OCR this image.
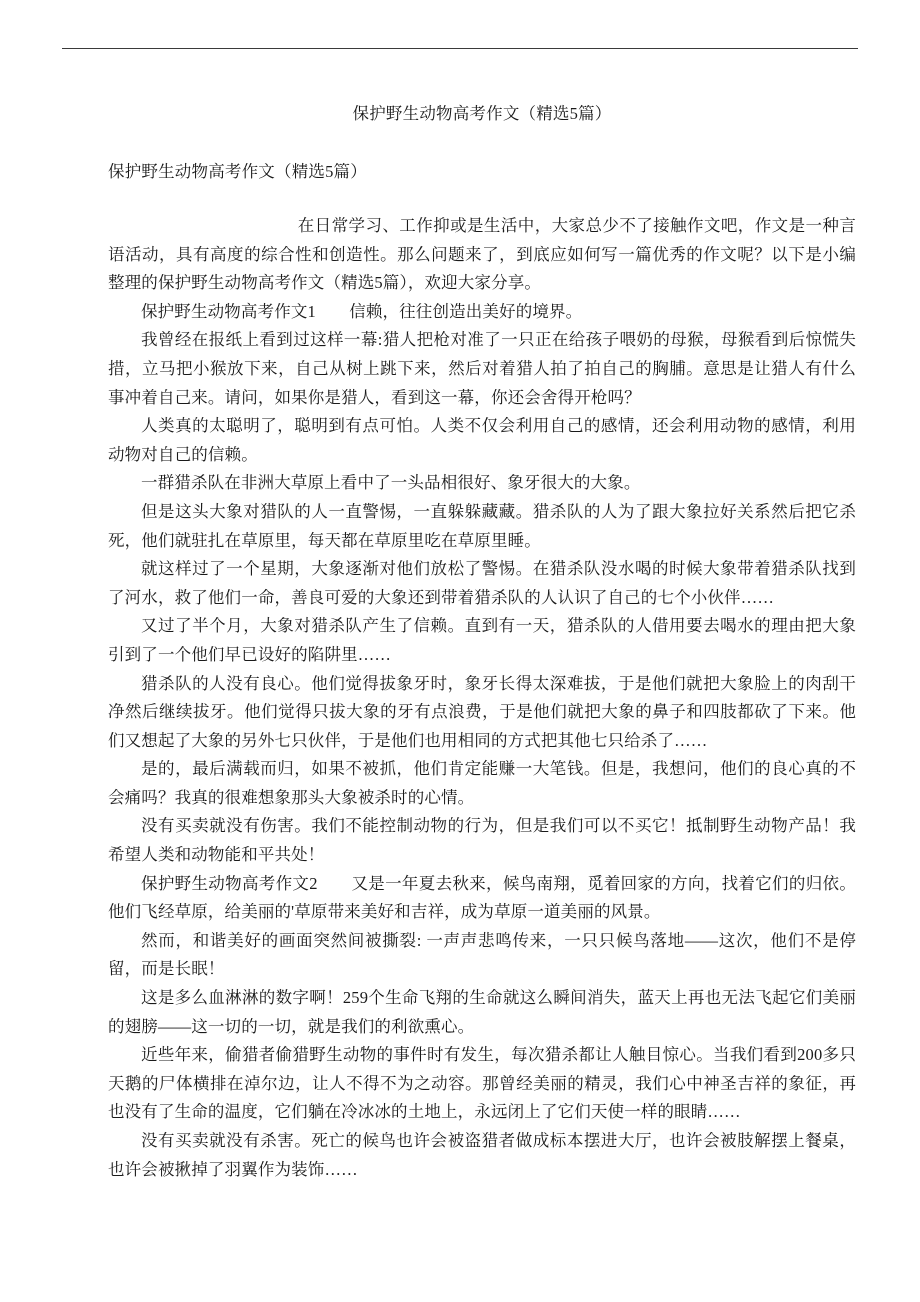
保护野生动物高考作文（精选5篇）
保护野生动物高考作文（精选5篇）

在日常学习、工作抑或是生活中，大家总少不了接触作文吧，作文是一种言语活动，具有高度的综合性和创造性。那么问题来了，到底应如何写一篇优秀的作文呢？以下是小编整理的保护野生动物高考作文（精选5篇），欢迎大家分享。

保护野生动物高考作文1　　信赖，往往创造出美好的境界。

我曾经在报纸上看到过这样一幕:猎人把枪对准了一只正在给孩子喂奶的母猴，母猴看到后惊慌失措，立马把小猴放下来，自己从树上跳下来，然后对着猎人拍了拍自己的胸脯。意思是让猎人有什么事冲着自己来。请问，如果你是猎人，看到这一幕，你还会舍得开枪吗？

人类真的太聪明了，聪明到有点可怕。人类不仅会利用自己的感情，还会利用动物的感情，利用动物对自己的信赖。

一群猎杀队在非洲大草原上看中了一头品相很好、象牙很大的大象。

但是这头大象对猎队的人一直警惕，一直躲躲藏藏。猎杀队的人为了跟大象拉好关系然后把它杀死，他们就驻扎在草原里，每天都在草原里吃在草原里睡。

就这样过了一个星期，大象逐渐对他们放松了警惕。在猎杀队没水喝的时候大象带着猎杀队找到了河水，救了他们一命，善良可爱的大象还到带着猎杀队的人认识了自己的七个小伙伴……

又过了半个月，大象对猎杀队产生了信赖。直到有一天，猎杀队的人借用要去喝水的理由把大象引到了一个他们早已设好的陷阱里……

猎杀队的人没有良心。他们觉得拔象牙时，象牙长得太深难拔，于是他们就把大象脸上的肉刮干净然后继续拔牙。他们觉得只拔大象的牙有点浪费，于是他们就把大象的鼻子和四肢都砍了下来。他们又想起了大象的另外七只伙伴，于是他们也用相同的方式把其他七只给杀了……

是的，最后满载而归，如果不被抓，他们肯定能赚一大笔钱。但是，我想问，他们的良心真的不会痛吗？我真的很难想象那头大象被杀时的心情。

没有买卖就没有伤害。我们不能控制动物的行为，但是我们可以不买它！抵制野生动物产品！我希望人类和动物能和平共处！

保护野生动物高考作文2　　又是一年夏去秋来，候鸟南翔，觅着回家的方向，找着它们的归依。他们飞经草原，给美丽的'草原带来美好和吉祥，成为草原一道美丽的风景。

然而，和谐美好的画面突然间被撕裂: 一声声悲鸣传来，一只只候鸟落地——这次，他们不是停留，而是长眠！

这是多么血淋淋的数字啊！259个生命飞翔的生命就这么瞬间消失，蓝天上再也无法飞起它们美丽的翅膀——这一切的一切，就是我们的利欲熏心。

近些年来，偷猎者偷猎野生动物的事件时有发生，每次猎杀都让人触目惊心。当我们看到200多只天鹅的尸体横排在淖尔边，让人不得不为之动容。那曾经美丽的精灵，我们心中神圣吉祥的象征，再也没有了生命的温度，它们躺在冷冰冰的土地上，永远闭上了它们天使一样的眼睛……

没有买卖就没有杀害。死亡的候鸟也许会被盗猎者做成标本摆进大厅，也许会被肢解摆上餐桌，也许会被揪掉了羽翼作为装饰……
